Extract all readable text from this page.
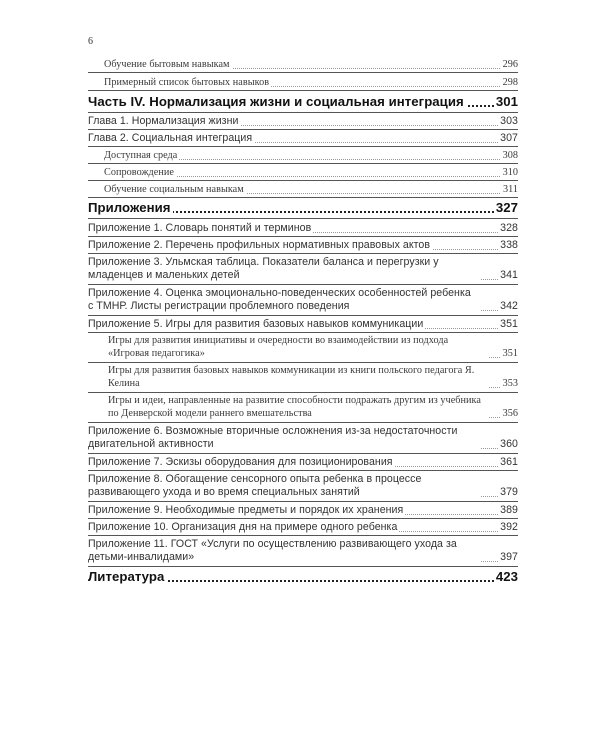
6
Обучение бытовым навыкам	296
Примерный список бытовых навыков	298
Часть IV. Нормализация жизни и социальная интеграция 301
Глава 1. Нормализация жизни	303
Глава 2. Социальная интеграция	307
Доступная среда	308
Сопровождение	310
Обучение социальным навыкам	311
Приложения	327
Приложение 1. Словарь понятий и терминов	328
Приложение 2. Перечень профильных нормативных правовых актов	338
Приложение 3. Ульмская таблица. Показатели баланса и перегрузки у младенцев и маленьких детей	341
Приложение 4. Оценка эмоционально-поведенческих особенностей ребенка с ТМНР. Листы регистрации проблемного поведения	342
Приложение 5. Игры для развития базовых навыков коммуникации	351
Игры для развития инициативы и очередности во взаимодействии из подхода «Игровая педагогика»	351
Игры для развития базовых навыков коммуникации из книги польского педагога Я. Келина	353
Игры и идеи, направленные на развитие способности подражать другим из учебника по Денверской модели раннего вмешательства	356
Приложение 6. Возможные вторичные осложнения из-за недостаточности двигательной активности	360
Приложение 7. Эскизы оборудования для позиционирования	361
Приложение 8. Обогащение сенсорного опыта ребенка в процессе развивающего ухода и во время специальных занятий	379
Приложение 9. Необходимые предметы и порядок их хранения	389
Приложение 10. Организация дня на примере одного ребенка	392
Приложение 11. ГОСТ «Услуги по осуществлению развивающего ухода за детьми-инвалидами»	397
Литература	423
